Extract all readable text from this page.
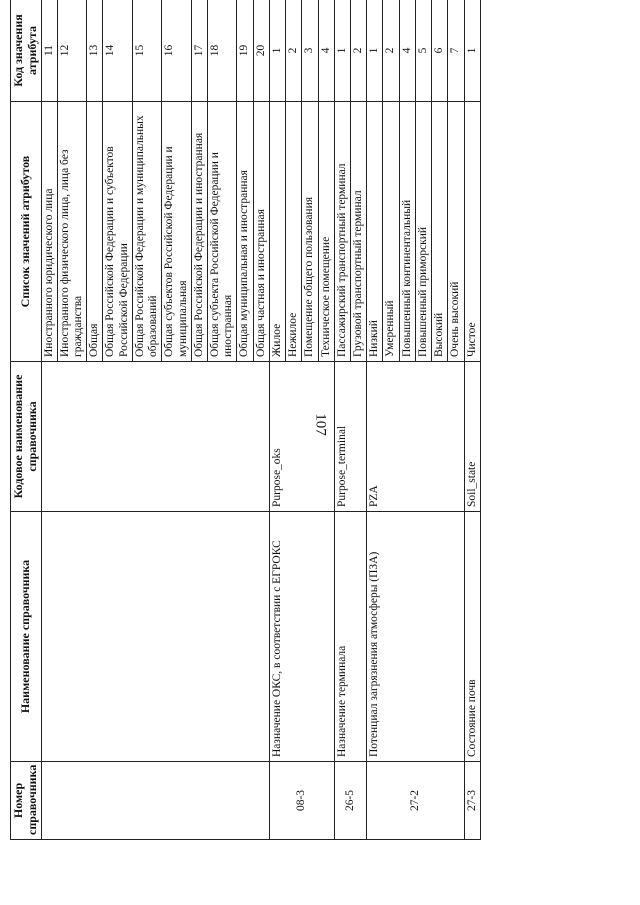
107
Номер справочника	Наименование справочника	Кодовое наименование справочника	Список значений атрибутов	Код значения атрибута
			Иностранного юридического лица	11
			Иностранного физического лица, лица без гражданства	12
			Общая	13
			Общая Российской Федерации и субъектов Российской Федерации	14
			Общая Российской Федерации и муниципальных образований	15
			Общая субъектов Российской Федерации и муниципальная	16
			Общая Российской Федерации и иностранная	17
			Общая субъекта Российской Федерации и иностранная	18
			Общая муниципальная и иностранная	19
			Общая частная и иностранная	20
08-3	Назначение ОКС, в соответствии с ЕГРОКС	Purpose_oks	Жилое	1
			Нежилое	2
			Помещение общего пользования	3
			Техническое помещение	4
26-5	Назначение терминала	Purpose_terminal	Пассажирский транспортный терминал	1
			Грузовой транспортный терминал	2
27-2	Потенциал загрязнения атмосферы (ПЗА)	PZA	Низкий	1
			Умеренный	2
			Повышенный континентальный	4
			Повышенный приморский	5
			Высокий	6
			Очень высокий	7
27-3	Состояние почв	Soil_state	Чистое	1
